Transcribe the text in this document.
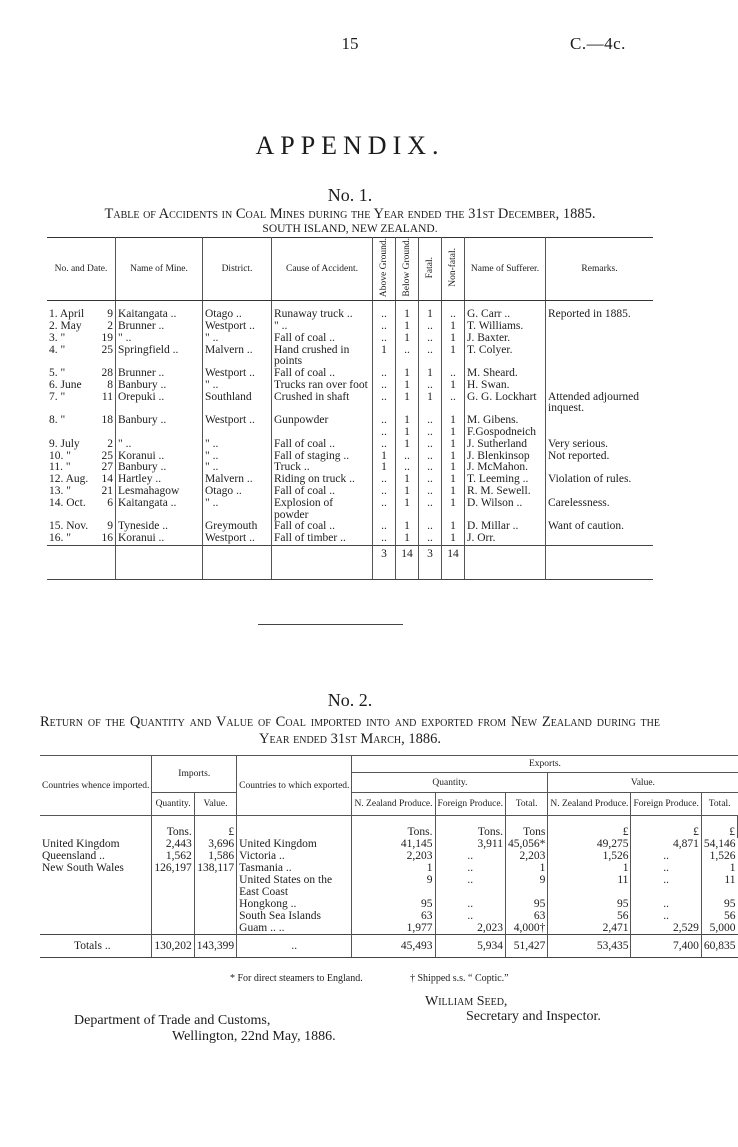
15	C.—4c.
APPENDIX.
No. 1.
Table of Accidents in Coal Mines during the Year ended the 31st December, 1885.
SOUTH ISLAND, NEW ZEALAND.
No. and Date.	Name of Mine.	District.	Cause of Accident.	Above Ground.	Below Ground.	Fatal.	Non-fatal.	Name of Sufferer.	Remarks.

1. April 9	Kaitangata ..	Otago ..	Runaway truck ..	..	1	1	..	G. Carr ..	Reported in 1885.
2. May 2	Brunner ..	Westport ..	" ..	..	1	..	1	T. Williams.	
3. " 19	" ..	" ..	Fall of coal ..	..	1	..	1	J. Baxter.	
4. " 25	Springfield ..	Malvern ..	Hand crushed in points	1	..	..	1	T. Colyer.	
5. " 28	Brunner ..	Westport ..	Fall of coal ..	..	1	1	..	M. Sheard.	
6. June 8	Banbury ..	" ..	Trucks ran over foot	..	1	..	1	H. Swan.	
7. " 11	Orepuki ..	Southland	Crushed in shaft	..	1	1	..	G. G. Lockhart	Attended adjourned inquest.
8. " 18	Banbury ..	Westport ..	Gunpowder	..	1	..	1	M. Gibens.	

				..	1	..	1	F.Gospodneich	
9. July 2	" ..	" ..	Fall of coal ..	..	1	..	1	J. Sutherland	Very serious.
10. " 25	Koranui ..	" ..	Fall of staging ..	1	..	..	1	J. Blenkinsop	Not reported.
11. " 27	Banbury ..	" ..	Truck ..	1	..	..	1	J. McMahon.	
12. Aug. 14	Hartley ..	Malvern ..	Riding on truck ..	..	1	..	1	T. Leeming ..	Violation of rules.
13. " 21	Lesmahagow	Otago ..	Fall of coal ..	..	1	..	1	R. M. Sewell.	
14. Oct. 6	Kaitangata ..	" ..	Explosion of powder	..	1	..	1	D. Wilson ..	Carelessness.
15. Nov. 9	Tyneside ..	Greymouth	Fall of coal ..	..	1	..	1	D. Millar ..	Want of caution.
16. " 16	Koranui ..	Westport ..	Fall of timber ..	..	1	..	1	J. Orr.	
				3	14	3	14		

No. 2.
Return of the Quantity and Value of Coal imported into and exported from New Zealand during the Year ended 31st March, 1886.
Countries whence imported.	Imports.		Countries to which exported.	Exports.					
				Quantity.			Value.		
	Quantity.	Value.		N. Zealand Produce.	Foreign Produce.	Total.	N. Zealand Produce.	Foreign Produce.	Total.
	Tons.	£		Tons.	Tons.	Tons	£	£	£
United Kingdom	2,443	3,696	United Kingdom	41,145	3,911	45,056*	49,275	4,871	54,146
Queensland ..	1,562	1,586	Victoria ..	2,203	..	2,203	1,526	..	1,526
New South Wales	126,197	138,117	Tasmania ..	1	..	1	1	..	1
			United States on the East Coast	9	..	9	11	..	11
			Hongkong ..	95	..	95	95	..	95
			South Sea Islands	63	..	63	56	..	56
			Guam .. ..	1,977	2,023	4,000†	2,471	2,529	5,000
Totals ..	130,202	143,399	..	45,493	5,934	51,427	53,435	7,400	60,835
* For direct steamers to England.	† Shipped s.s. “ Coptic.”
William Seed,
Secretary and Inspector.
Department of Trade and Customs,
Wellington, 22nd May, 1886.
